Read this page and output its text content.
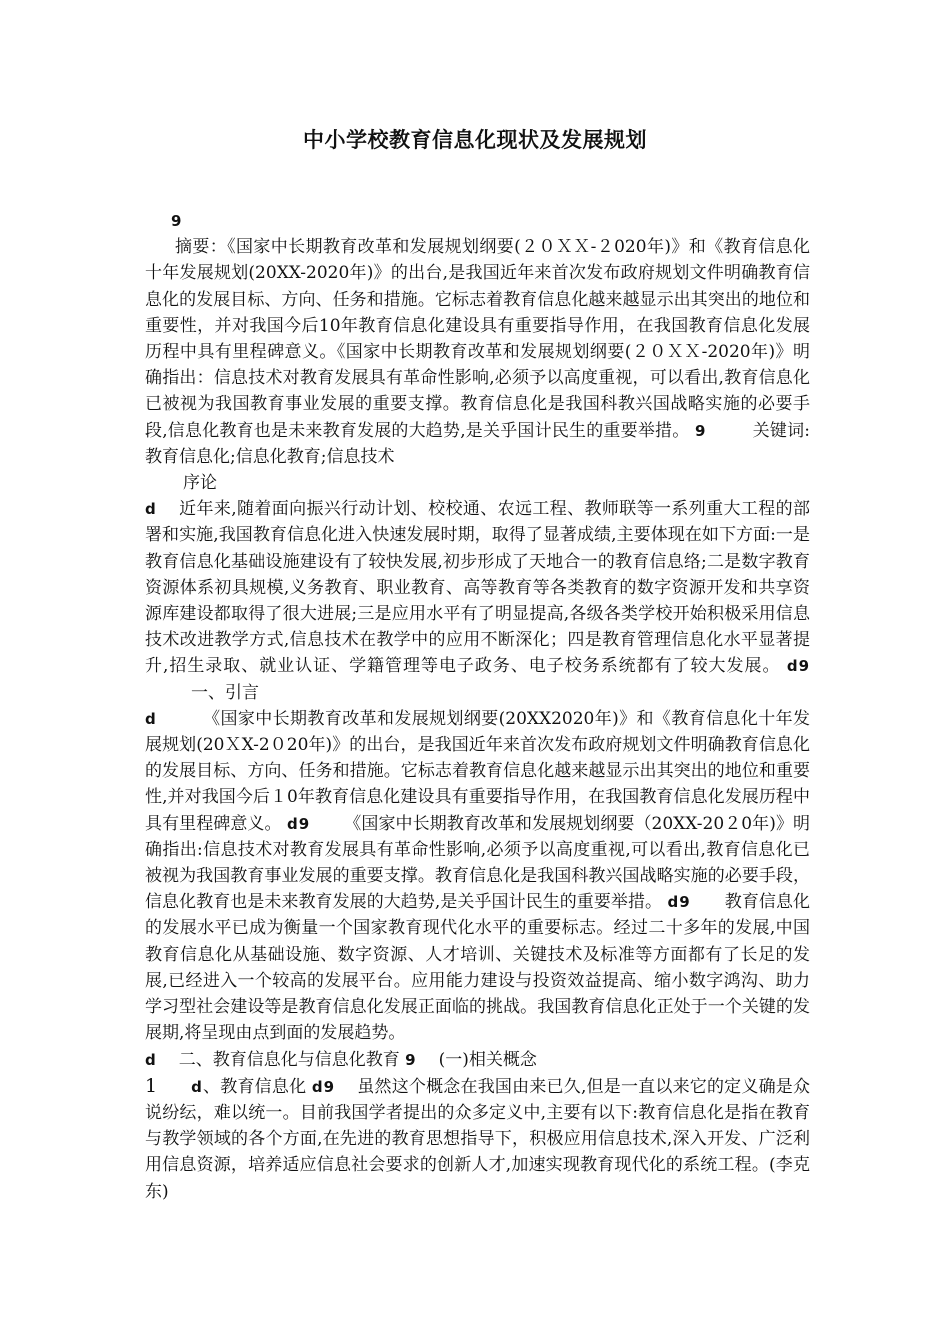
中小学校教育信息化现状及发展规划

9
摘要：《国家中长期教育改革和发展规划纲要(２０ＸＸ-２020年)》和《教育信息化十年发展规划(20XX-2020年)》的出台,是我国近年来首次发布政府规划文件明确教育信息化的发展目标、方向、任务和措施。它标志着教育信息化越来越显示出其突出的地位和重要性，并对我国今后10年教育信息化建设具有重要指导作用，在我国教育信息化发展历程中具有里程碑意义。《国家中长期教育改革和发展规划纲要(２０ＸＸ-2020年)》明确指出：信息技术对教育发展具有革命性影响,必须予以高度重视，可以看出,教育信息化已被视为我国教育事业发展的重要支撑。教育信息化是我国科教兴国战略实施的必要手段,信息化教育也是未来教育发展的大趋势,是关乎国计民生的重要举措。 9	关键词: 教育信息化;信息化教育;信息技术

序论

d 近年来,随着面向振兴行动计划、校校通、农远工程、教师联等一系列重大工程的部署和实施,我国教育信息化进入快速发展时期，取得了显著成绩,主要体现在如下方面:一是教育信息化基础设施建设有了较快发展,初步形成了天地合一的教育信息络;二是数字教育资源体系初具规模,义务教育、职业教育、高等教育等各类教育的数字资源开发和共享资源库建设都取得了很大进展;三是应用水平有了明显提高,各级各类学校开始积极采用信息技术改进教学方式,信息技术在教学中的应用不断深化；四是教育管理信息化水平显著提升,招生录取、就业认证、学籍管理等电子政务、电子校务系统都有了较大发展。 d9一、引言

d	《国家中长期教育改革和发展规划纲要(20XX2020年)》和《教育信息化十年发展规划(20ＸX-2０20年)》的出台，是我国近年来首次发布政府规划文件明确教育信息化的发展目标、方向、任务和措施。它标志着教育信息化越来越显示出其突出的地位和重要性,并对我国今后１0年教育信息化建设具有重要指导作用，在我国教育信息化发展历程中具有里程碑意义。 d9 《国家中长期教育改革和发展规划纲要（20XX-20２0年)》明确指出:信息技术对教育发展具有革命性影响,必须予以高度重视,可以看出,教育信息化已被视为我国教育事业发展的重要支撑。教育信息化是我国科教兴国战略实施的必要手段，信息化教育也是未来教育发展的大趋势,是关乎国计民生的重要举措。 d9 教育信息化的发展水平已成为衡量一个国家教育现代化水平的重要标志。经过二十多年的发展,中国教育信息化从基础设施、数字资源、人才培训、关键技术及标准等方面都有了长足的发展,已经进入一个较高的发展平台。应用能力建设与投资效益提高、缩小数字鸿沟、助力学习型社会建设等是教育信息化发展正面临的挑战。我国教育信息化正处于一个关键的发展期,将呈现由点到面的发展趋势。

d 二、教育信息化与信息化教育 9 (一)相关概念

1 d、教育信息化 d9 虽然这个概念在我国由来已久,但是一直以来它的定义确是众说纷纭，难以统一。目前我国学者提出的众多定义中,主要有以下:教育信息化是指在教育与教学领域的各个方面,在先进的教育思想指导下，积极应用信息技术,深入开发、广泛利用信息资源，培养适应信息社会要求的创新人才,加速实现教育现代化的系统工程。(李克东)
